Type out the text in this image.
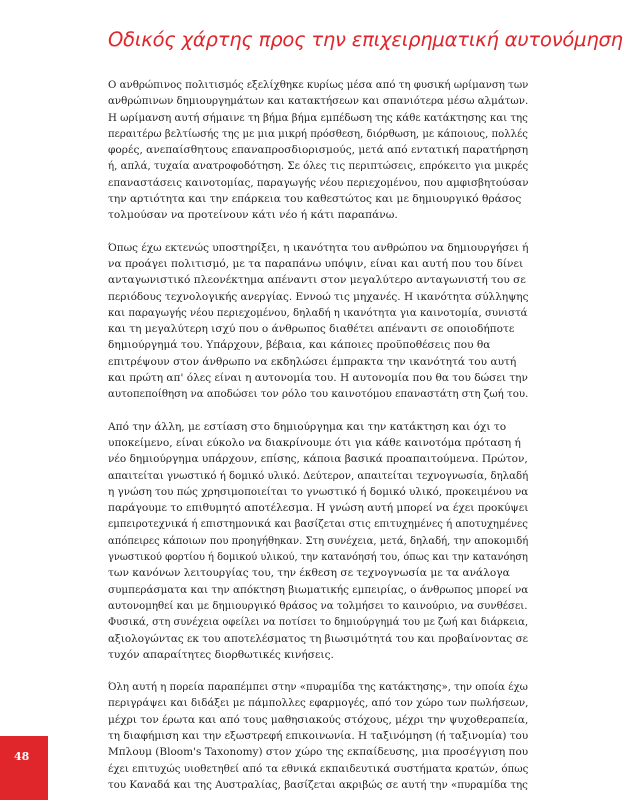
Οδικός χάρτης προς την επιχειρηματική αυτονόμηση

Ο ανθρώπινος πολιτισμός εξελίχθηκε κυρίως μέσα από τη φυσική ωρίμανση των
ανθρώπινων δημιουργημάτων και κατακτήσεων και σπανιότερα μέσω αλμάτων.
Η ωρίμανση αυτή σήμαινε τη βήμα βήμα εμπέδωση της κάθε κατάκτησης και της
περαιτέρω βελτίωσής της με μια μικρή πρόσθεση, διόρθωση, με κάποιους, πολλές
φορές, ανεπαίσθητους επαναπροσδιορισμούς, μετά από εντατική παρατήρηση
ή, απλά, τυχαία ανατροφοδότηση. Σε όλες τις περιπτώσεις, επρόκειτο για μικρές
επαναστάσεις καινοτομίας, παραγωγής νέου περιεχομένου, που αμφισβητούσαν
την αρτιότητα και την επάρκεια του καθεστώτος και με δημιουργικό θράσος
τολμούσαν να προτείνουν κάτι νέο ή κάτι παραπάνω.

Όπως έχω εκτενώς υποστηρίξει, η ικανότητα του ανθρώπου να δημιουργήσει ή
να προάγει πολιτισμό, με τα παραπάνω υπόψιν, είναι και αυτή που του δίνει
ανταγωνιστικό πλεονέκτημα απέναντι στον μεγαλύτερο ανταγωνιστή του σε
περιόδους τεχνολογικής ανεργίας. Εννοώ τις μηχανές. Η ικανότητα σύλληψης
και παραγωγής νέου περιεχομένου, δηλαδή η ικανότητα για καινοτομία, συνιστά
και τη μεγαλύτερη ισχύ που ο άνθρωπος διαθέτει απέναντι σε οποιοδήποτε
δημιούργημά του. Υπάρχουν, βέβαια, και κάποιες προϋποθέσεις που θα
επιτρέψουν στον άνθρωπο να εκδηλώσει έμπρακτα την ικανότητά του αυτή
και πρώτη απ' όλες είναι η αυτονομία του. Η αυτονομία που θα του δώσει την
αυτοπεποίθηση να αποδώσει τον ρόλο του καινοτόμου επαναστάτη στη ζωή του.

Από την άλλη, με εστίαση στο δημιούργημα και την κατάκτηση και όχι το
υποκείμενο, είναι εύκολο να διακρίνουμε ότι για κάθε καινοτόμα πρόταση ή
νέο δημιούργημα υπάρχουν, επίσης, κάποια βασικά προαπαιτούμενα. Πρώτον,
απαιτείται γνωστικό ή δομικό υλικό. Δεύτερον, απαιτείται τεχνογνωσία, δηλαδή
η γνώση του πώς χρησιμοποιείται το γνωστικό ή δομικό υλικό, προκειμένου να
παράγουμε το επιθυμητό αποτέλεσμα. Η γνώση αυτή μπορεί να έχει προκύψει
εμπειροτεχνικά ή επιστημονικά και βασίζεται στις επιτυχημένες ή αποτυχημένες
απόπειρες κάποιων που προηγήθηκαν. Στη συνέχεια, μετά, δηλαδή, την αποκομιδή
γνωστικού φορτίου ή δομικού υλικού, την κατανόησή του, όπως και την κατανόηση
των κανόνων λειτουργίας του, την έκθεση σε τεχνογνωσία με τα ανάλογα
συμπεράσματα και την απόκτηση βιωματικής εμπειρίας, ο άνθρωπος μπορεί να
αυτονομηθεί και με δημιουργικό θράσος να τολμήσει το καινούριο, να συνθέσει.
Φυσικά, στη συνέχεια οφείλει να ποτίσει το δημιούργημά του με ζωή και διάρκεια,
αξιολογώντας εκ του αποτελέσματος τη βιωσιμότητά του και προβαίνοντας σε
τυχόν απαραίτητες διορθωτικές κινήσεις.

Όλη αυτή η πορεία παραπέμπει στην «πυραμίδα της κατάκτησης», την οποία έχω
περιγράψει και διδάξει με πάμπολλες εφαρμογές, από τον χώρο των πωλήσεων,
μέχρι τον έρωτα και από τους μαθησιακούς στόχους, μέχρι την ψυχοθεραπεία,
τη διαφήμιση και την εξωστρεφή επικοινωνία. Η ταξινόμηση (ή ταξινομία) του
Μπλουμ (Bloom's Taxonomy) στον χώρο της εκπαίδευσης, μια προσέγγιση που
έχει επιτυχώς υιοθετηθεί από τα εθνικά εκπαιδευτικά συστήματα κρατών, όπως
του Καναδά και της Αυστραλίας, βασίζεται ακριβώς σε αυτή την «πυραμίδα της

48
